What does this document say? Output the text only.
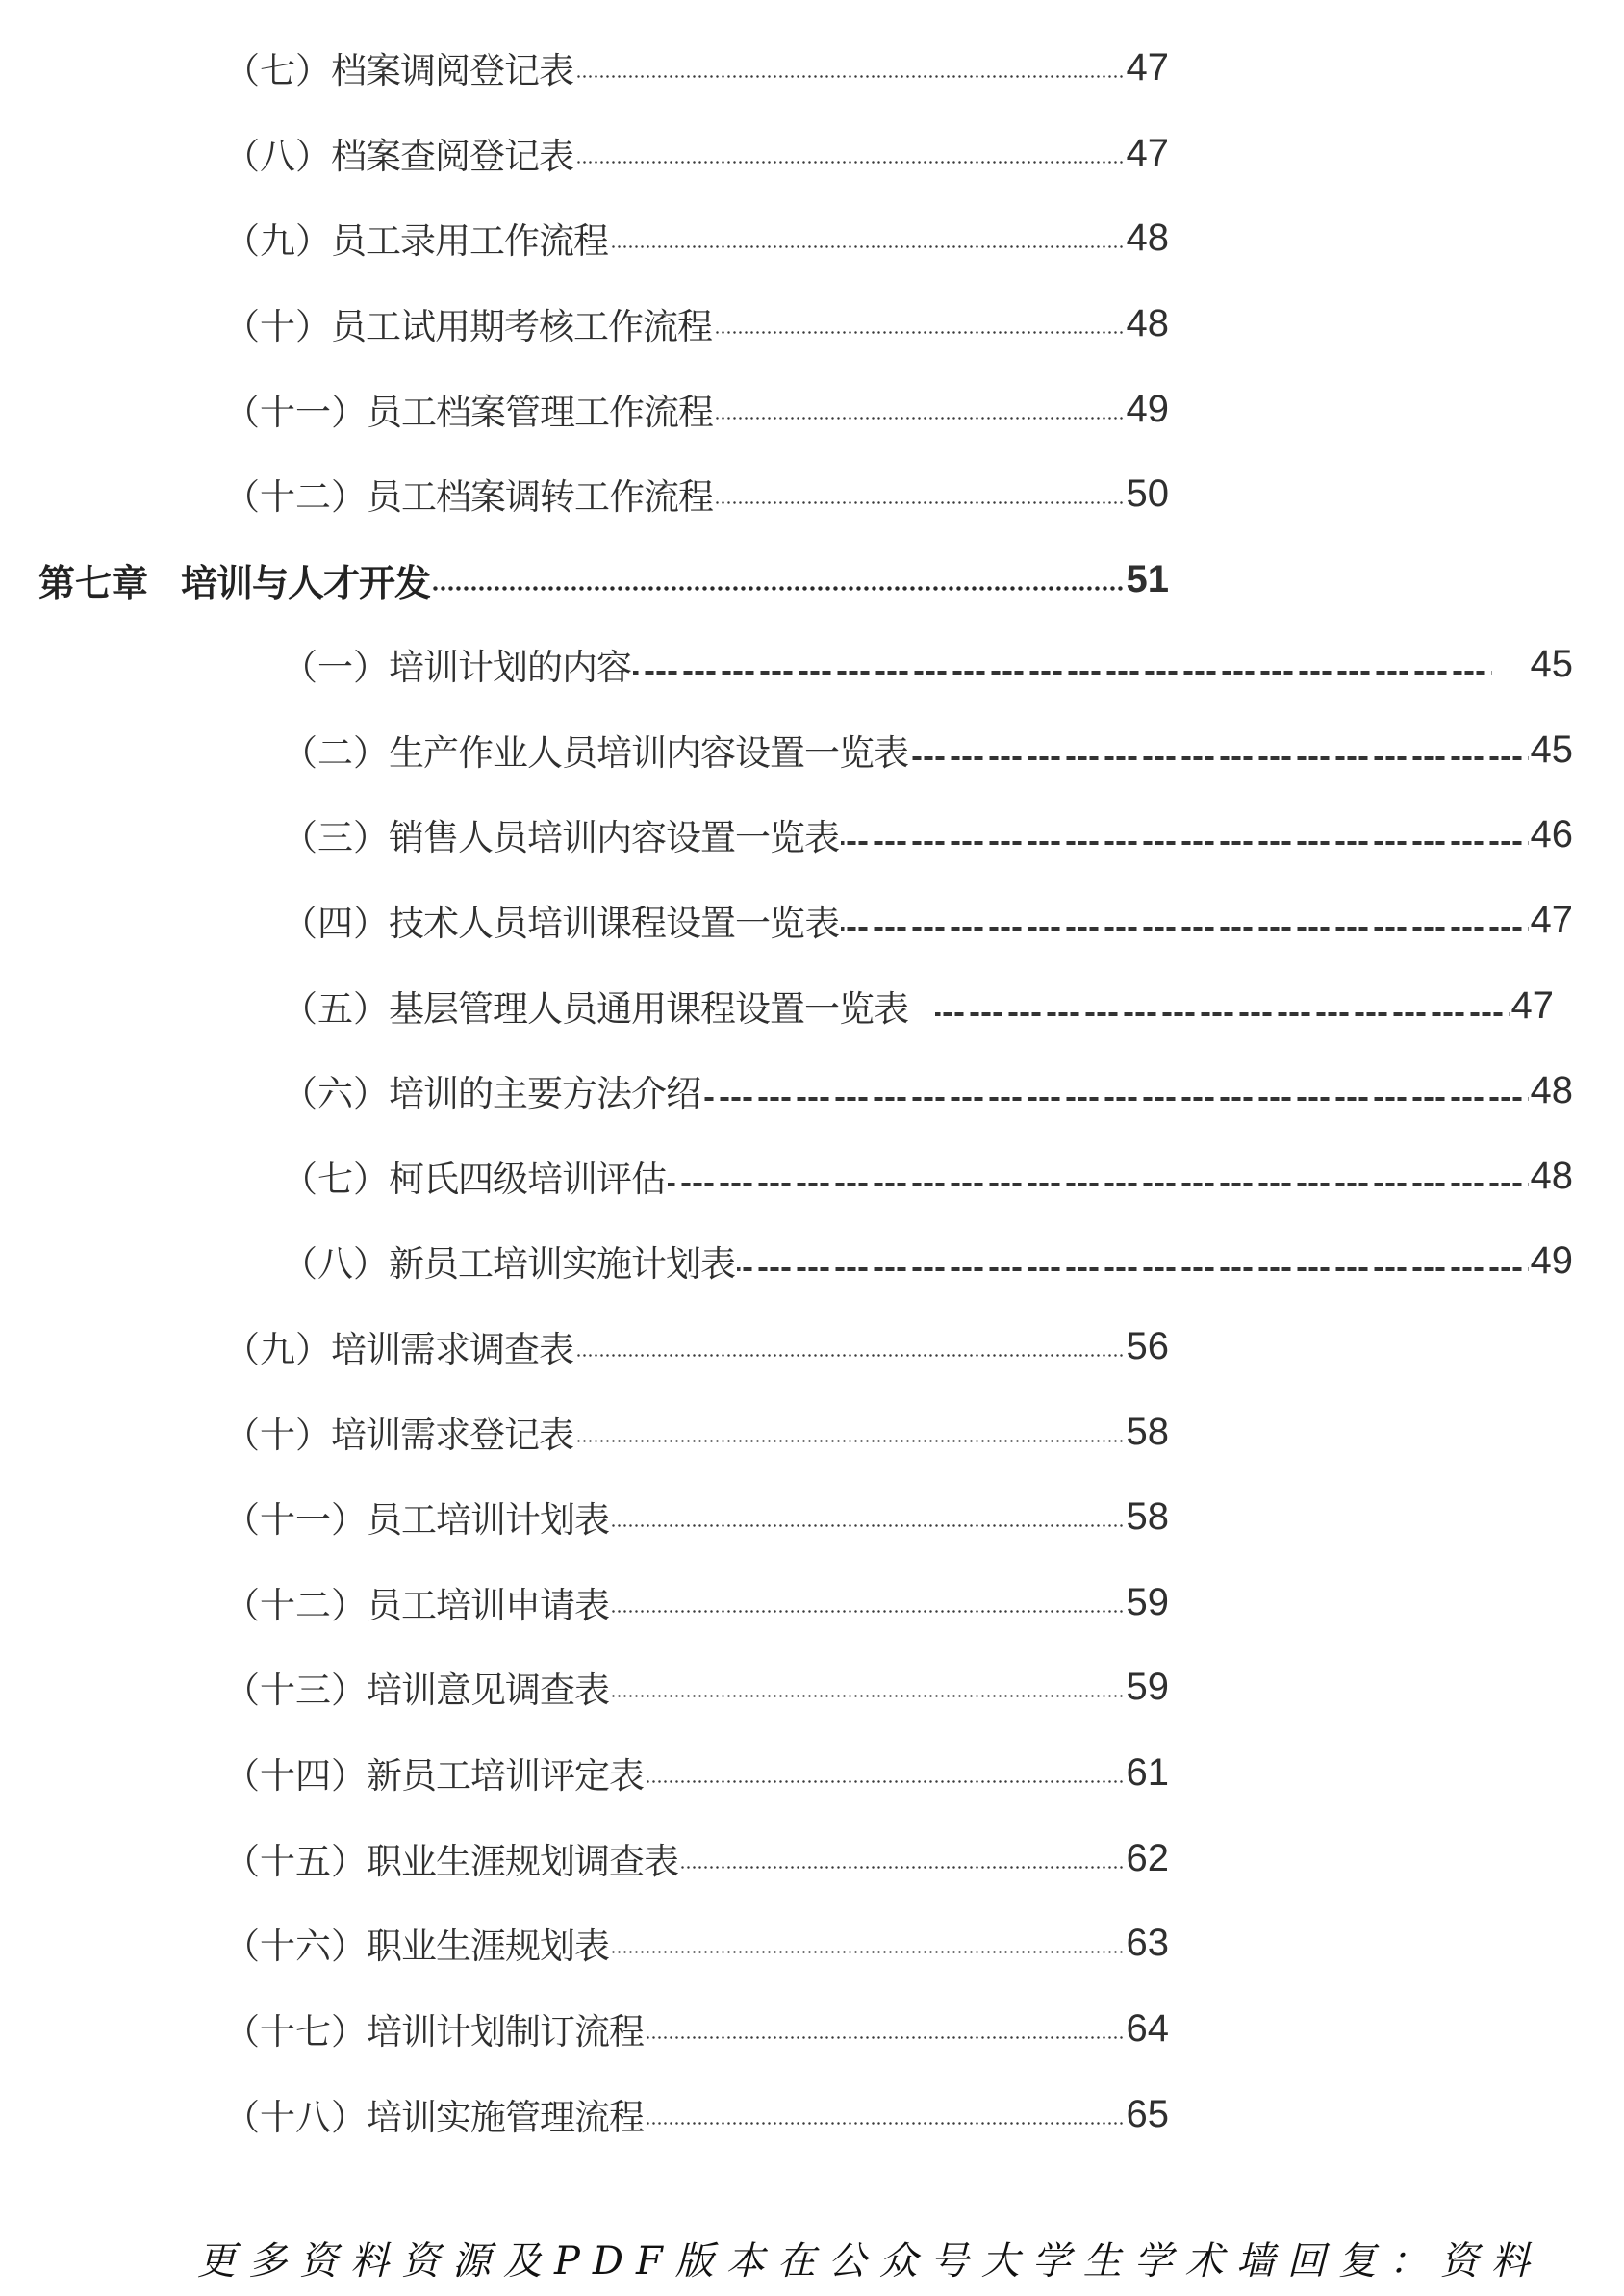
（七） 档案调阅登记表	47
（八） 档案查阅登记表	47
（九） 员工录用工作流程	48
（十） 员工试用期考核工作流程	48
（十一） 员工档案管理工作流程	49
（十二） 员工档案调转工作流程	50
第七章 培训与人才开发	51
（一） 培训计划的内容	45
（二） 生产作业人员培训内容设置一览表	45
（三） 销售人员培训内容设置一览表	46
（四） 技术人员培训课程设置一览表	47
（五） 基层管理人员通用课程设置一览表	47
（六） 培训的主要方法介绍	48
（七） 柯氏四级培训评估	48
（八） 新员工培训实施计划表	49
（九） 培训需求调查表	56
（十） 培训需求登记表	58
（十一） 员工培训计划表	58
（十二） 员工培训申请表	59
（十三） 培训意见调查表	59
（十四） 新员工培训评定表	61
（十五） 职业生涯规划调查表	62
（十六） 职业生涯规划表	63
（十七） 培训计划制订流程	64
（十八） 培训实施管理流程	65
更多资料资源及PDF版本在公众号大学生学术墙回复：资料
